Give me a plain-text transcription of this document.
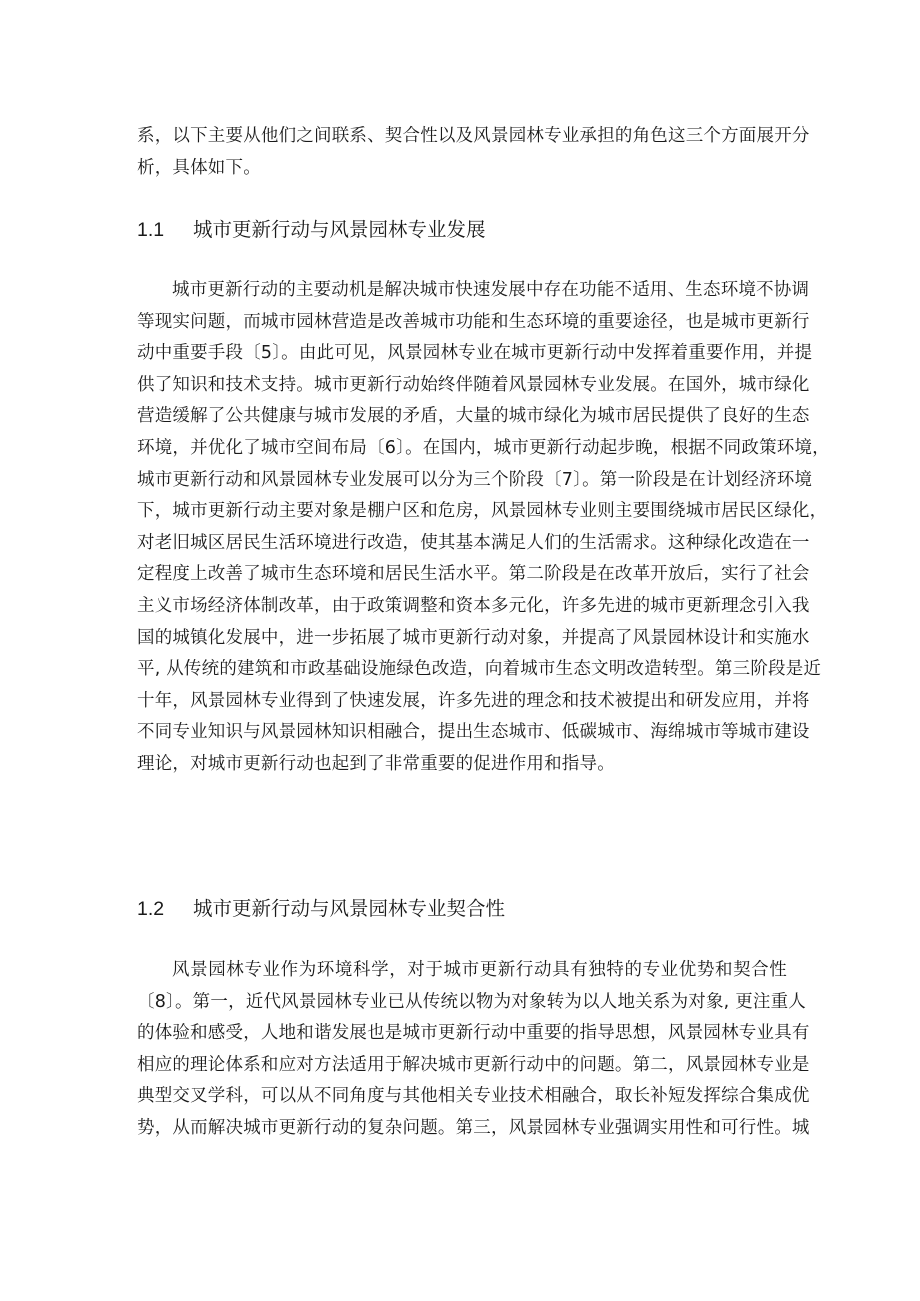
系，以下主要从他们之间联系、契合性以及风景园林专业承担的角色这三个方面展开分
析，具体如下。
1.1 城市更新行动与风景园林专业发展
城市更新行动的主要动机是解决城市快速发展中存在功能不适用、生态环境不协调
等现实问题，而城市园林营造是改善城市功能和生态环境的重要途径，也是城市更新行
动中重要手段〔5〕。由此可见，风景园林专业在城市更新行动中发挥着重要作用，并提
供了知识和技术支持。城市更新行动始终伴随着风景园林专业发展。在国外，城市绿化
营造缓解了公共健康与城市发展的矛盾，大量的城市绿化为城市居民提供了良好的生态
环境，并优化了城市空间布局〔6〕。在国内，城市更新行动起步晚，根据不同政策环境，
城市更新行动和风景园林专业发展可以分为三个阶段〔7〕。第一阶段是在计划经济环境
下，城市更新行动主要对象是棚户区和危房，风景园林专业则主要围绕城市居民区绿化，
对老旧城区居民生活环境进行改造，使其基本满足人们的生活需求。这种绿化改造在一
定程度上改善了城市生态环境和居民生活水平。第二阶段是在改革开放后，实行了社会
主义市场经济体制改革，由于政策调整和资本多元化，许多先进的城市更新理念引入我
国的城镇化发展中，进一步拓展了城市更新行动对象，并提高了风景园林设计和实施水
平, 从传统的建筑和市政基础设施绿色改造，向着城市生态文明改造转型。第三阶段是近
十年，风景园林专业得到了快速发展，许多先进的理念和技术被提出和研发应用，并将
不同专业知识与风景园林知识相融合，提出生态城市、低碳城市、海绵城市等城市建设
理论，对城市更新行动也起到了非常重要的促进作用和指导。
1.2 城市更新行动与风景园林专业契合性
风景园林专业作为环境科学，对于城市更新行动具有独特的专业优势和契合性
〔8〕。第一，近代风景园林专业已从传统以物为对象转为以人地关系为对象, 更注重人
的体验和感受，人地和谐发展也是城市更新行动中重要的指导思想，风景园林专业具有
相应的理论体系和应对方法适用于解决城市更新行动中的问题。第二，风景园林专业是
典型交叉学科，可以从不同角度与其他相关专业技术相融合，取长补短发挥综合集成优
势，从而解决城市更新行动的复杂问题。第三，风景园林专业强调实用性和可行性。城
